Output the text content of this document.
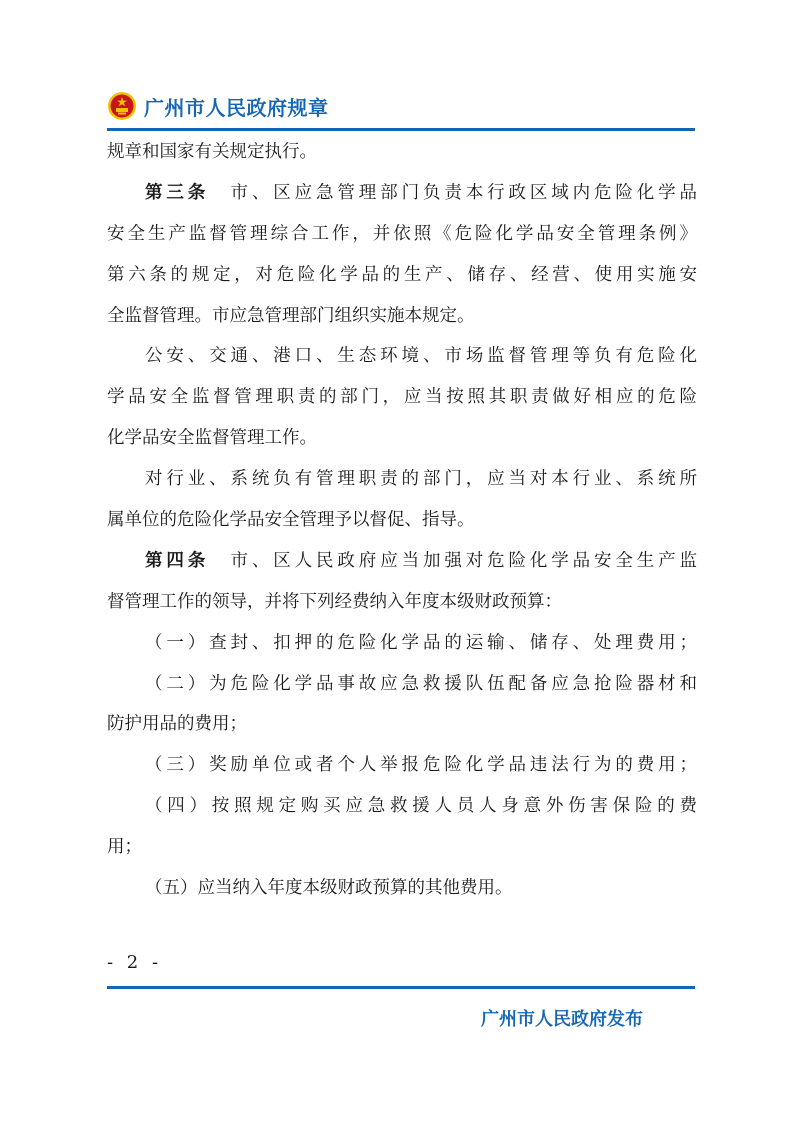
广州市人民政府规章
规章和国家有关规定执行。
第三条　 市、区应急管理部门负责本行政区域内危险化学品
安全生产监督管理综合工作，并依照《危险化学品安全管理条例》
第六条的规定，对危险化学品的生产、储存、经营、使用实施安
全监督管理。市应急管理部门组织实施本规定。
公安、交通、港口、生态环境、市场监督管理等负有危险化
学品安全监督管理职责的部门，应当按照其职责做好相应的危险
化学品安全监督管理工作。
对行业、系统负有管理职责的部门，应当对本行业、系统所
属单位的危险化学品安全管理予以督促、指导。
第四条　 市、区人民政府应当加强对危险化学品安全生产监
督管理工作的领导，并将下列经费纳入年度本级财政预算：
（一）查封、扣押的危险化学品的运输、储存、处理费用；
（二）为危险化学品事故应急救援队伍配备应急抢险器材和
防护用品的费用；
（三）奖励单位或者个人举报危险化学品违法行为的费用；
（四）按照规定购买应急救援人员人身意外伤害保险的费
用；
（五）应当纳入年度本级财政预算的其他费用。
- 2 -
广州市人民政府发布
